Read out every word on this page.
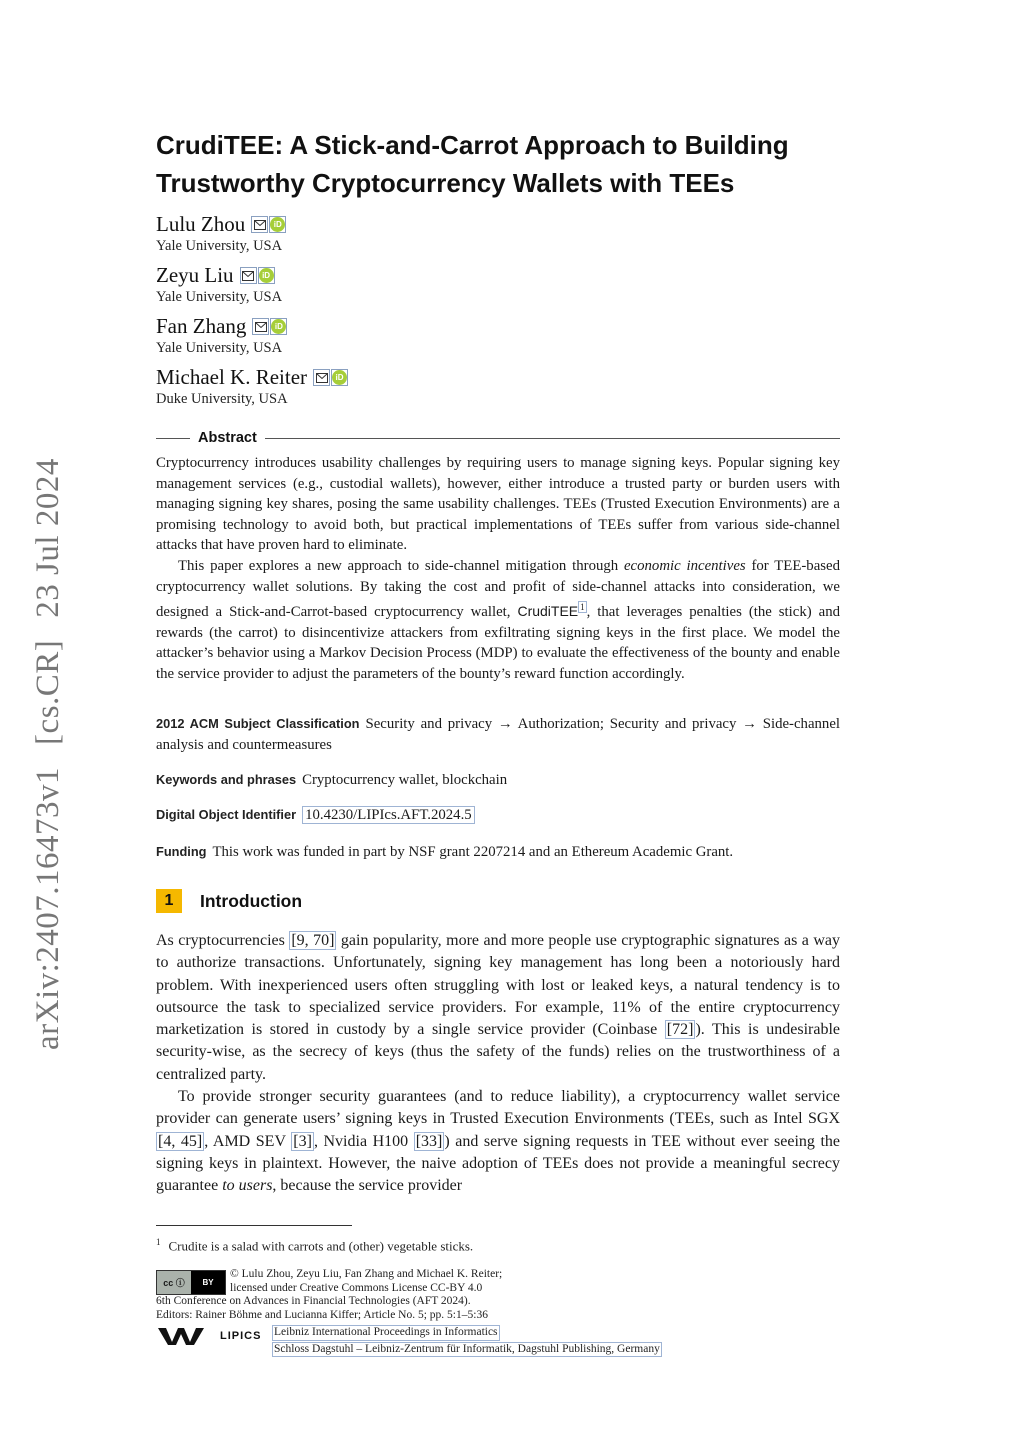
arXiv:2407.16473v1[cs.CR]23 Jul 2024
CrudiTEE: A Stick-and-Carrot Approach to Building Trustworthy Cryptocurrency Wallets with TEEs
Lulu Zhou	iD
Yale University, USA
Zeyu Liu	iD
Yale University, USA
Fan Zhang	iD
Yale University, USA
Michael K. Reiter	iD
Duke University, USA
Abstract

Cryptocurrency introduces usability challenges by requiring users to manage signing keys. Popular signing key management services (e.g., custodial wallets), however, either introduce a trusted party or burden users with managing signing key shares, posing the same usability challenges. TEEs (Trusted Execution Environments) are a promising technology to avoid both, but practical implementations of TEEs suffer from various side-channel attacks that have proven hard to eliminate.

This paper explores a new approach to side-channel mitigation through economic incentives for TEE-based cryptocurrency wallet solutions. By taking the cost and profit of side-channel attacks into consideration, we designed a Stick-and-Carrot-based cryptocurrency wallet, CrudiTEE $^1$ , that leverages penalties (the stick) and rewards (the carrot) to disincentivize attackers from exfiltrating signing keys in the first place. We model the attacker’s behavior using a Markov Decision Process (MDP) to evaluate the effectiveness of the bounty and enable the service provider to adjust the parameters of the bounty’s reward function accordingly.

2012 ACM Subject Classification Security and privacy → Authorization; Security and privacy → Side-channel analysis and countermeasures
Keywords and phrases Cryptocurrency wallet, blockchain
Digital Object Identifier 10.4230/LIPIcs.AFT.2024.5
Funding This work was funded in part by NSF grant 2207214 and an Ethereum Academic Grant.
1	Introduction

As cryptocurrencies [9, 70] gain popularity, more and more people use cryptographic signatures as a way to authorize transactions. Unfortunately, signing key management has long been a notoriously hard problem. With inexperienced users often struggling with lost or leaked keys, a natural tendency is to outsource the task to specialized service providers. For example, 11% of the entire cryptocurrency marketization is stored in custody by a single service provider (Coinbase [72] ). This is undesirable security-wise, as the secrecy of keys (thus the safety of the funds) relies on the trustworthiness of a centralized party.

To provide stronger security guarantees (and to reduce liability), a cryptocurrency wallet service provider can generate users’ signing keys in Trusted Execution Environments (TEEs, such as Intel SGX [4, 45] , AMD SEV [3] , Nvidia H100 [33] ) and serve signing requests in TEE without ever seeing the signing keys in plaintext. However, the naive adoption of TEEs does not provide a meaningful secrecy guarantee to users, because the service provider

$^1$ Crudite is a salad with carrots and (other) vegetable sticks.
cc ⓘ	BY
© Lulu Zhou, Zeyu Liu, Fan Zhang and Michael K. Reiter;
licensed under Creative Commons License CC-BY 4.0
6th Conference on Advances in Financial Technologies (AFT 2024).
Editors: Rainer Böhme and Lucianna Kiffer; Article No. 5; pp. 5:1–5:36
LIPICS Leibniz International Proceedings in Informatics
Schloss Dagstuhl – Leibniz-Zentrum für Informatik, Dagstuhl Publishing, Germany
